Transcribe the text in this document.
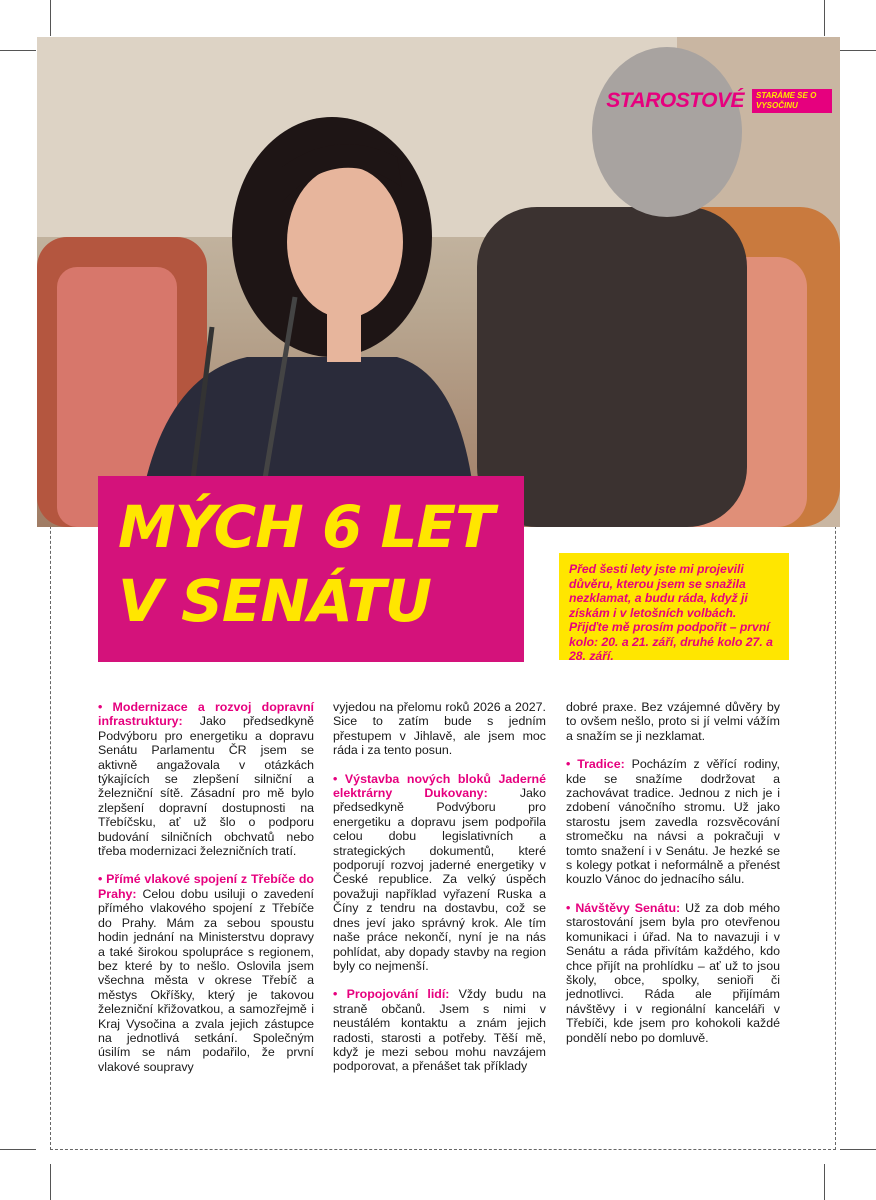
STAROSTOVÉ	STARÁME SE O VYSOČINU
MÝCH 6 LET
V SENÁTU	Před šesti lety jste mi projevili důvěru, kterou jsem se snažila nezklamat, a budu ráda, když ji získám i v letošních volbách. Přijďte mě prosím podpořit – první kolo: 20. a 21. září, druhé kolo 27. a 28. září.

• Modernizace a rozvoj dopravní infrastruktury: Jako předsedkyně Podvýboru pro energetiku a dopravu Senátu Parlamentu ČR jsem se aktivně angažovala v otázkách týkajících se zlepšení silniční a železniční sítě. Zásadní pro mě bylo zlepšení dopravní dostupnosti na Třebíčsku, ať už šlo o podporu budování silničních obchvatů nebo třeba modernizaci železničních tratí.

• Přímé vlakové spojení z Třebíče do Prahy: Celou dobu usiluji o zavedení přímého vlakového spojení z Třebíče do Prahy. Mám za sebou spoustu hodin jednání na Ministerstvu dopravy a také širokou spolupráce s regionem, bez které by to nešlo. Oslovila jsem všechna města v okrese Třebíč a městys Okříšky, který je takovou železniční křižovatkou, a samozřejmě i Kraj Vysočina a zvala jejich zástupce na jednotlivá setkání. Společným úsilím se nám podařilo, že první vlakové soupravy

vyjedou na přelomu roků 2026 a 2027. Sice to zatím bude s jedním přestupem v Jihlavě, ale jsem moc ráda i za tento posun.

• Výstavba nových bloků Jaderné elektrárny Dukovany: Jako předsedkyně Podvýboru pro energetiku a dopravu jsem podpořila celou dobu legislativních a strategických dokumentů, které podporují rozvoj jaderné energetiky v České republice. Za velký úspěch považuji například vyřazení Ruska a Číny z tendru na dostavbu, což se dnes jeví jako správný krok. Ale tím naše práce nekončí, nyní je na nás pohlídat, aby dopady stavby na region byly co nejmenší.

• Propojování lidí: Vždy budu na straně občanů. Jsem s nimi v neustálém kontaktu a znám jejich radosti, starosti a potřeby. Těší mě, když je mezi sebou mohu navzájem podporovat, a přenášet tak příklady

dobré praxe. Bez vzájemné důvěry by to ovšem nešlo, proto si jí velmi vážím a snažím se ji nezklamat.

• Tradice: Pocházím z věřící rodiny, kde se snažíme dodržovat a zachovávat tradice. Jednou z nich je i zdobení vánočního stromu. Už jako starostu jsem zavedla rozsvěcování stromečku na návsi a pokračuji v tomto snažení i v Senátu. Je hezké se s kolegy potkat i neformálně a přenést kouzlo Vánoc do jednacího sálu.

• Návštěvy Senátu: Už za dob mého starostování jsem byla pro otevřenou komunikaci i úřad. Na to navazuji i v Senátu a ráda přivítám každého, kdo chce přijít na prohlídku – ať už to jsou školy, obce, spolky, senioři či jednotlivci. Ráda ale přijímám návštěvy i v regionální kanceláři v Třebíči, kde jsem pro kohokoli každé pondělí nebo po domluvě.
